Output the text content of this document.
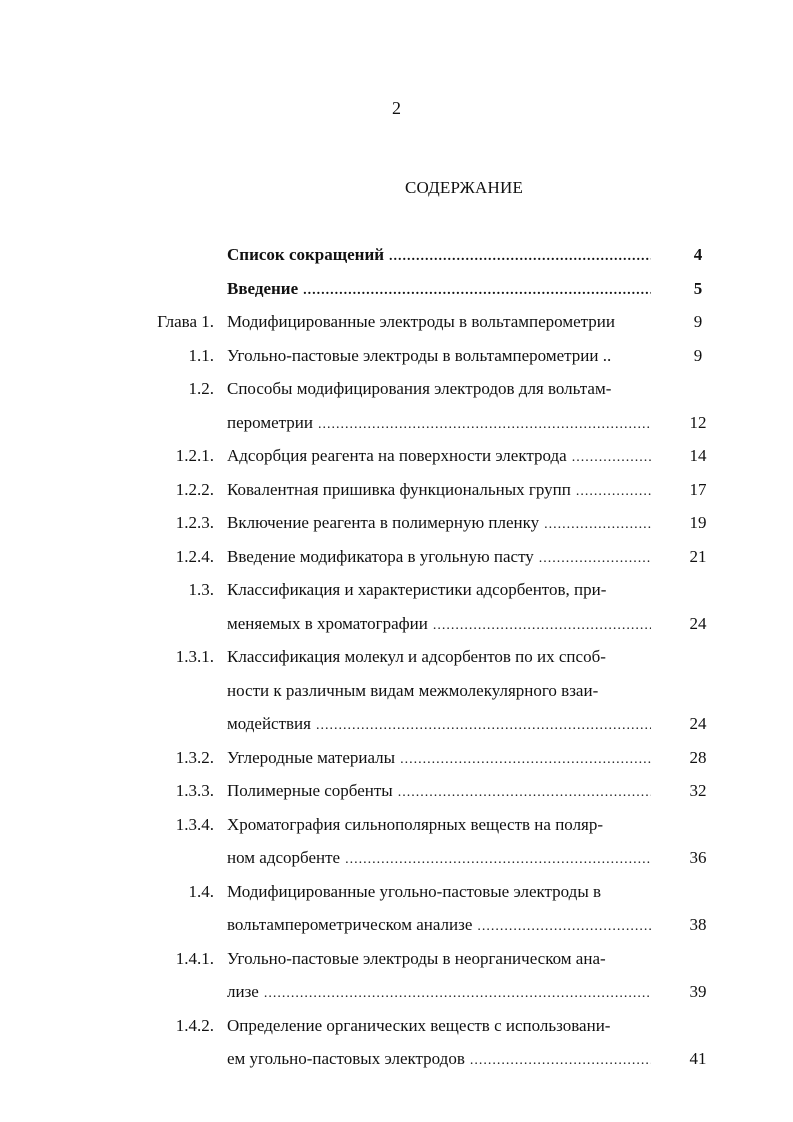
2
СОДЕРЖАНИЕ
Список сокращений .....	4
Введение .....	5
Глава 1. Модифицированные электроды в вольтамперометрии	9
1.1. Угольно-пастовые электроды в вольтамперометрии ..	9
1.2. Способы модифицирования электродов для вольтам-
перометрии .....	12
1.2.1. Адсорбция реагента на поверхности электрода .....	14
1.2.2. Ковалентная пришивка функциональных групп .....	17
1.2.3. Включение реагента в полимерную пленку .....	19
1.2.4. Введение модификатора в угольную пасту .....	21
1.3. Классификация и характеристики адсорбентов, при-
меняемых в хроматографии .....	24
1.3.1. Классификация молекул и адсорбентов по их спсоб-
ности к различным видам межмолекулярного взаи-
модействия .....	24
1.3.2. Углеродные материалы .....	28
1.3.3. Полимерные сорбенты .....	32
1.3.4. Хроматография сильнополярных веществ на поляр-
ном адсорбенте .....	36
1.4. Модифицированные угольно-пастовые электроды в
вольтамперометрическом анализе .....	38
1.4.1. Угольно-пастовые электроды в неорганическом ана-
лизе .....	39
1.4.2. Определение органических веществ с использовани-
ем угольно-пастовых электродов .....	41
